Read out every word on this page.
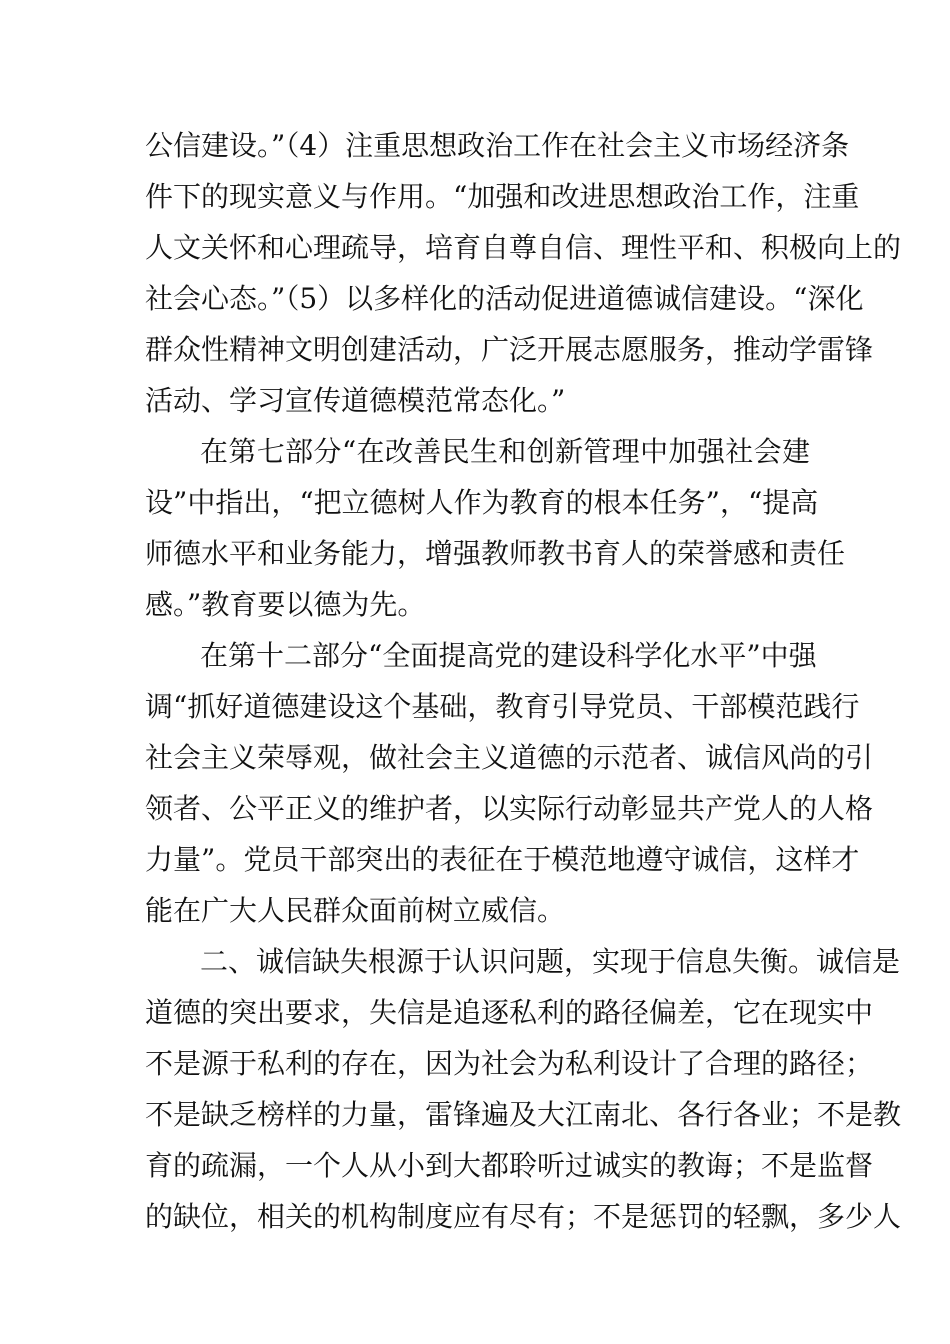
公信建设。”（4）注重思想政治工作在社会主义市场经济条
件下的现实意义与作用。“加强和改进思想政治工作，注重
人文关怀和心理疏导，培育自尊自信、理性平和、积极向上的
社会心态。”（5）以多样化的活动促进道德诚信建设。“深化
群众性精神文明创建活动，广泛开展志愿服务，推动学雷锋
活动、学习宣传道德模范常态化。”
在第七部分“在改善民生和创新管理中加强社会建
设”中指出，“把立德树人作为教育的根本任务”，“提高
师德水平和业务能力，增强教师教书育人的荣誉感和责任
感。”教育要以德为先。
在第十二部分“全面提高党的建设科学化水平”中强
调“抓好道德建设这个基础，教育引导党员、干部模范践行
社会主义荣辱观，做社会主义道德的示范者、诚信风尚的引
领者、公平正义的维护者，以实际行动彰显共产党人的人格
力量”。党员干部突出的表征在于模范地遵守诚信，这样才
能在广大人民群众面前树立威信。
二、诚信缺失根源于认识问题，实现于信息失衡。诚信是
道德的突出要求，失信是追逐私利的路径偏差，它在现实中
不是源于私利的存在，因为社会为私利设计了合理的路径；
不是缺乏榜样的力量，雷锋遍及大江南北、各行各业；不是教
育的疏漏，一个人从小到大都聆听过诚实的教诲；不是监督
的缺位，相关的机构制度应有尽有；不是惩罚的轻飘，多少人
